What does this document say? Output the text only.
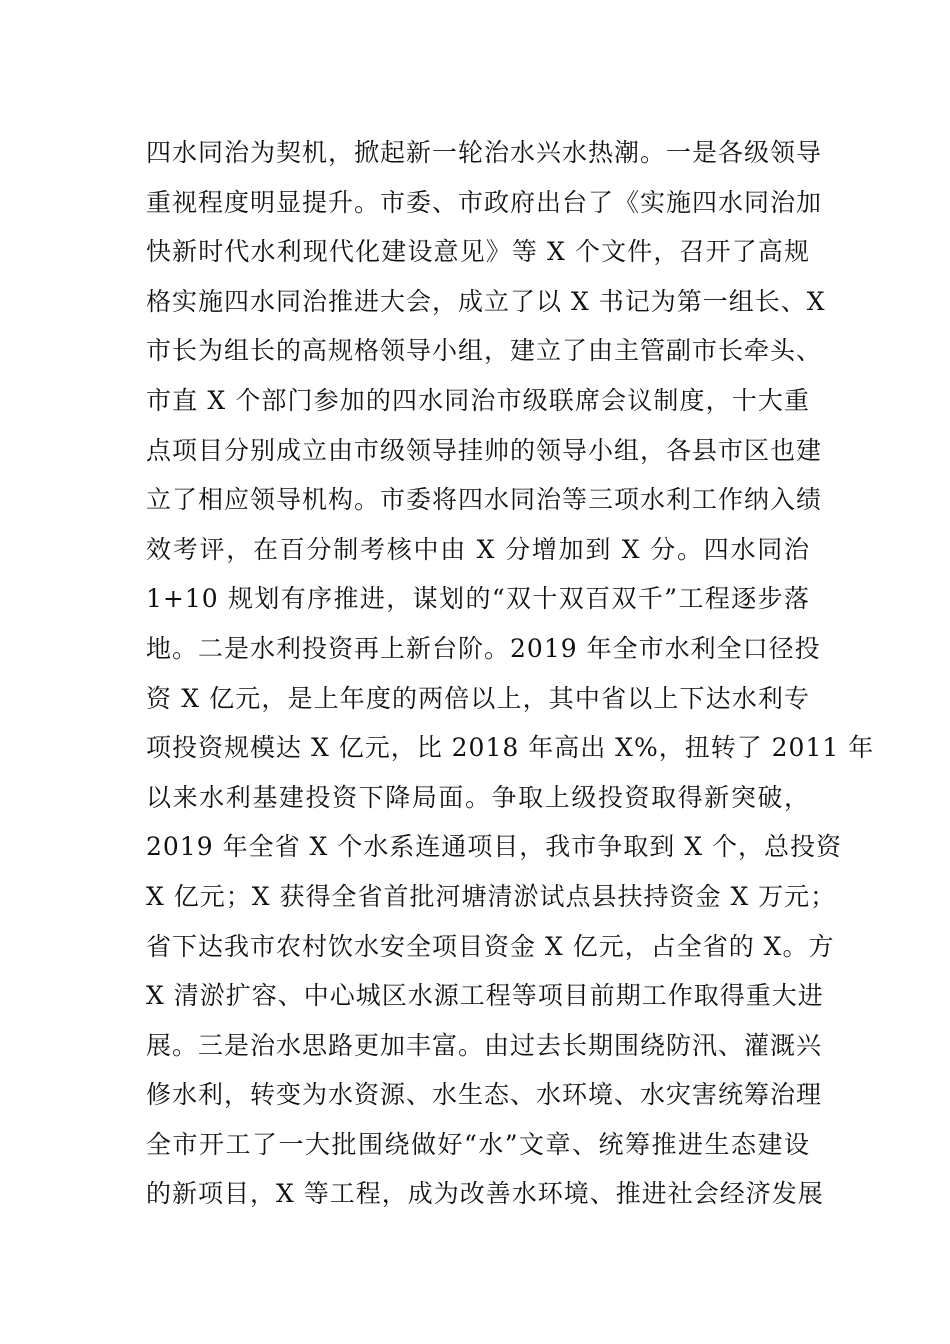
四水同治为契机，掀起新一轮治水兴水热潮。一是各级领导
重视程度明显提升。市委、市政府出台了《实施四水同治加
快新时代水利现代化建设意见》等 X 个文件，召开了高规
格实施四水同治推进大会，成立了以 X 书记为第一组长、X
市长为组长的高规格领导小组，建立了由主管副市长牵头、
市直 X 个部门参加的四水同治市级联席会议制度，十大重
点项目分别成立由市级领导挂帅的领导小组，各县市区也建
立了相应领导机构。市委将四水同治等三项水利工作纳入绩
效考评，在百分制考核中由 X 分增加到 X 分。四水同治
1+10 规划有序推进，谋划的“双十双百双千”工程逐步落
地。二是水利投资再上新台阶。2019 年全市水利全口径投
资 X 亿元，是上年度的两倍以上，其中省以上下达水利专
项投资规模达 X 亿元，比 2018 年高出 X%，扭转了 2011 年
以来水利基建投资下降局面。争取上级投资取得新突破，
2019 年全省 X 个水系连通项目，我市争取到 X 个，总投资
X 亿元；X 获得全省首批河塘清淤试点县扶持资金 X 万元；
省下达我市农村饮水安全项目资金 X 亿元，占全省的 X。方
X 清淤扩容、中心城区水源工程等项目前期工作取得重大进
展。三是治水思路更加丰富。由过去长期围绕防汛、灌溉兴
修水利，转变为水资源、水生态、水环境、水灾害统筹治理
全市开工了一大批围绕做好“水”文章、统筹推进生态建设
的新项目，X 等工程，成为改善水环境、推进社会经济发展
